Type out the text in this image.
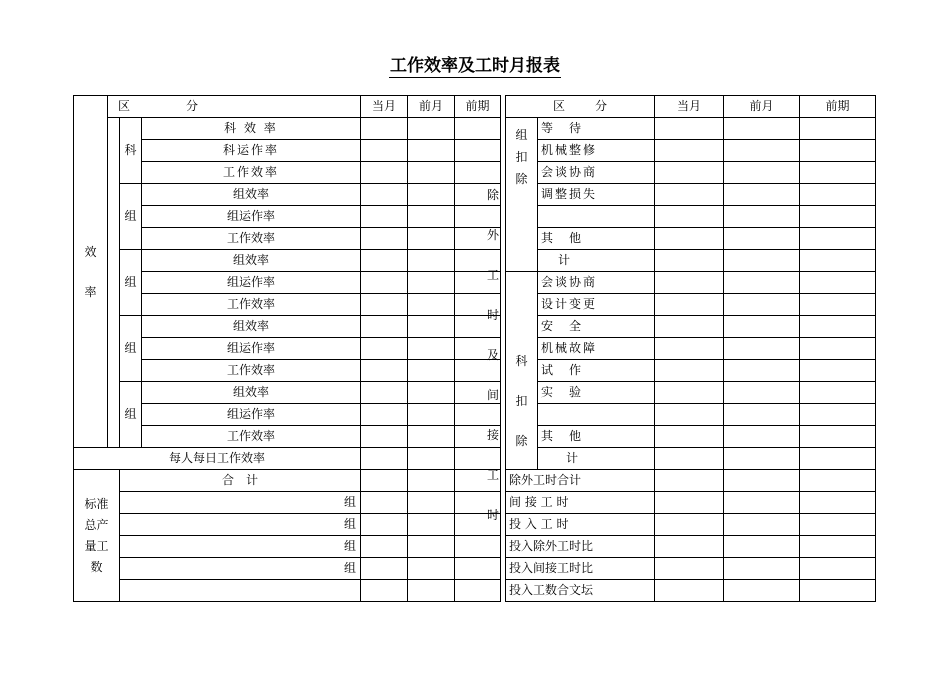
工作效率及工时月报表
效 率	区 分			当月	前月	前期
		科	科 效 率			
			科运作率			
			工作效率			
		组	组效率			
			组运作率			
			工作效率			
		组	组效率			
			组运作率			
			工作效率			
		组	组效率			
			组运作率			
			工作效率			
		组	组效率			
			组运作率			
			工作效率			
每人每日工作效率						
标准总产量工数		合　计				
		组				
		组				
		组				
		组				

除外工时及间接工时
区 分		当月	前月	前期
组扣除	等　待			
	机械整修			
	会谈协商			
	调整损失			

	其　他			
	计			
科扣除	会谈协商			
	设计变更			
	安　全			
	机械故障			
	试　作			
	实　验			

	其　他			
	计			
除外工时合计				
间 接 工 时				
投 入 工 时				
投入除外工时比				
投入间接工时比				
投入工数合文坛				
